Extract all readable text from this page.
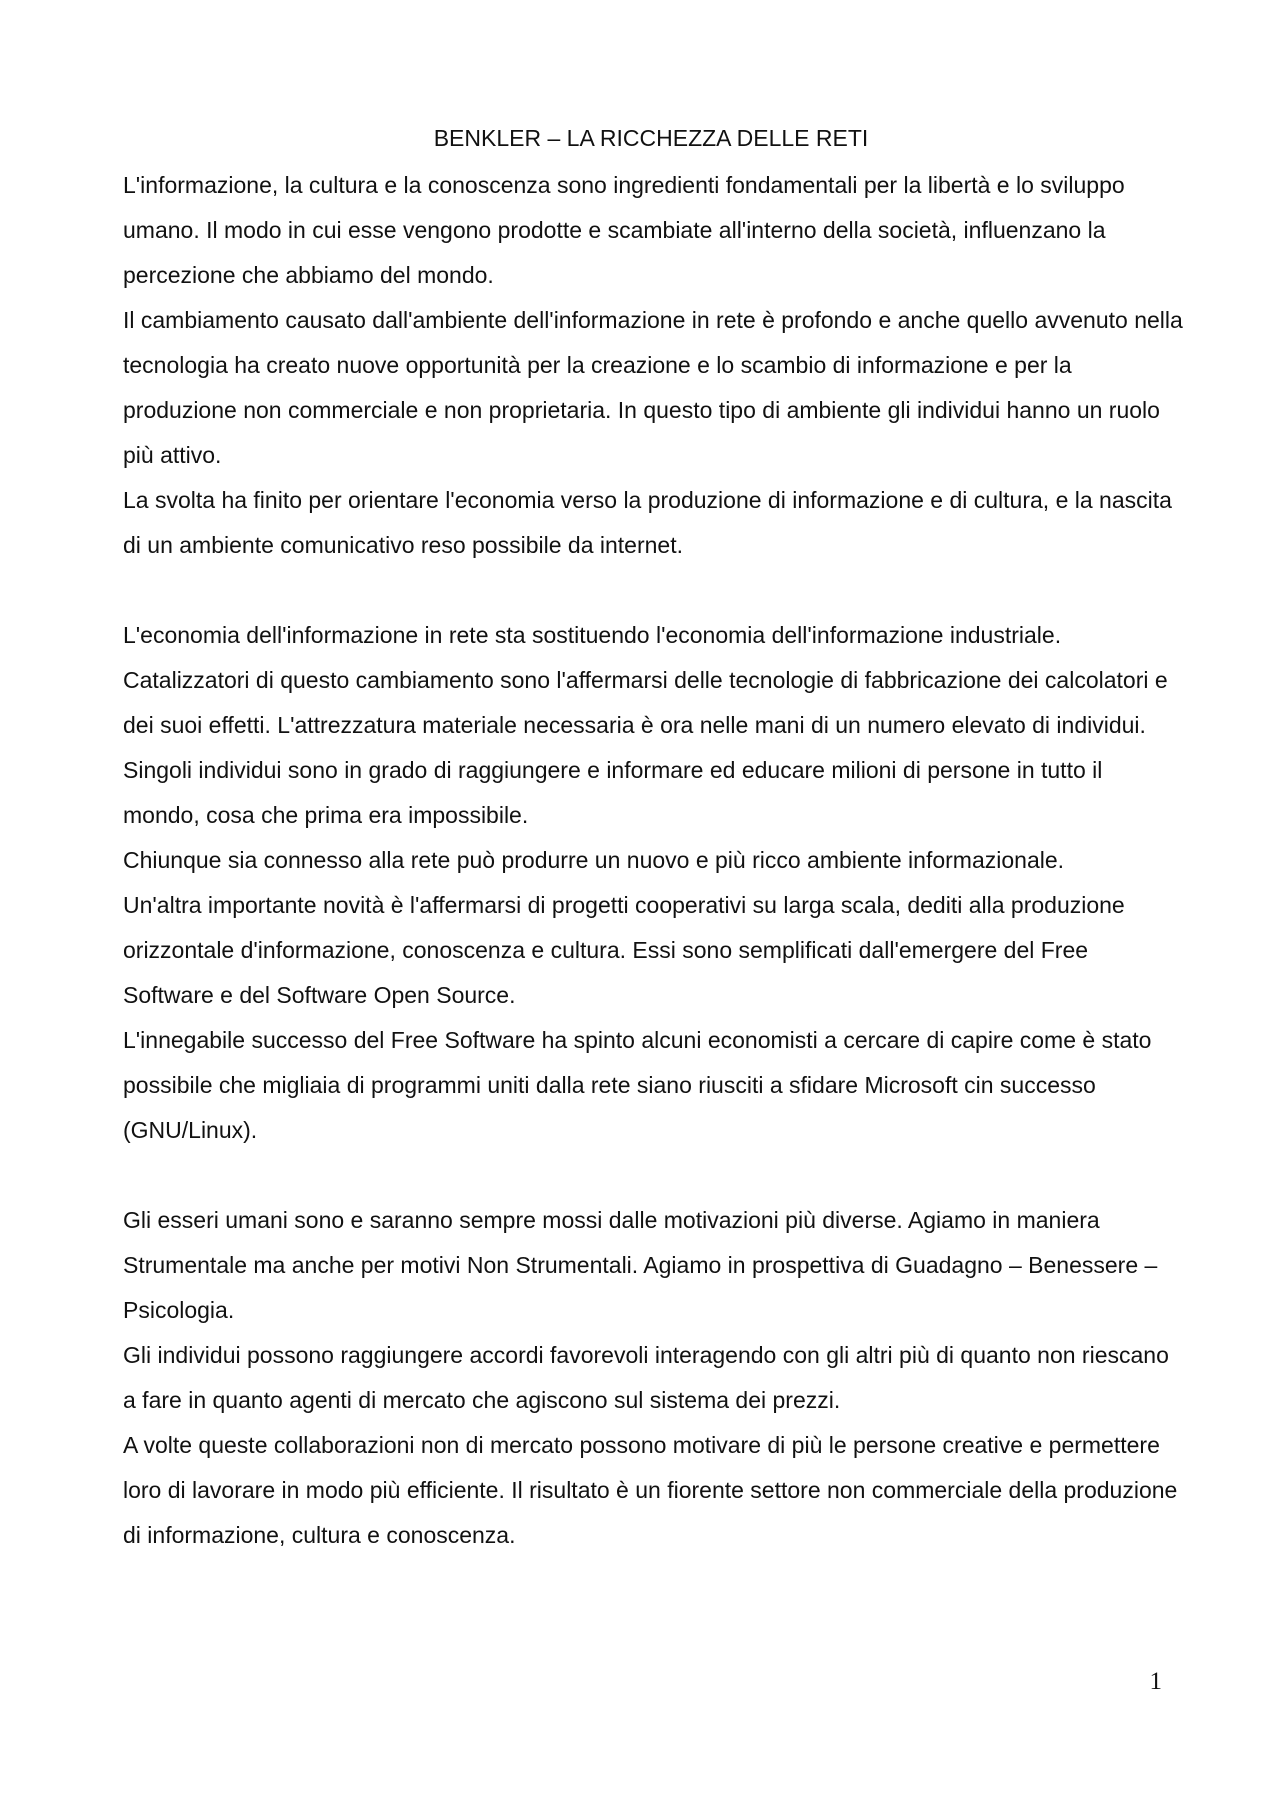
BENKLER – LA RICCHEZZA DELLE RETI

L'informazione, la cultura e la conoscenza sono ingredienti fondamentali per la libertà e lo sviluppo umano. Il modo in cui esse vengono prodotte e scambiate all'interno della società, influenzano la percezione che abbiamo del mondo.

Il cambiamento causato dall'ambiente dell'informazione in rete è profondo e anche quello avvenuto nella tecnologia ha creato nuove opportunità per la creazione e lo scambio di informazione e per la produzione non commerciale e non proprietaria. In questo tipo di ambiente gli individui hanno un ruolo più attivo.

La svolta ha finito per orientare l'economia verso la produzione di informazione e di cultura, e la nascita di un ambiente comunicativo reso possibile da internet.

L'economia dell'informazione in rete sta sostituendo l'economia dell'informazione industriale. Catalizzatori di questo cambiamento sono l'affermarsi delle tecnologie di fabbricazione dei calcolatori e dei suoi effetti. L'attrezzatura materiale necessaria è ora nelle mani di un numero elevato di individui.

Singoli individui sono in grado di raggiungere e informare ed educare milioni di persone in tutto il mondo, cosa che prima era impossibile.

Chiunque sia connesso alla rete può produrre un nuovo e più ricco ambiente informazionale.

Un'altra importante novità è l'affermarsi di progetti cooperativi su larga scala, dediti alla produzione orizzontale d'informazione, conoscenza e cultura. Essi sono semplificati dall'emergere del Free Software e del Software Open Source.

L'innegabile successo del Free Software ha spinto alcuni economisti a cercare di capire come è stato possibile che migliaia di programmi uniti dalla rete siano riusciti a sfidare Microsoft cin successo (GNU/Linux).

Gli esseri umani sono e saranno sempre mossi dalle motivazioni più diverse. Agiamo in maniera Strumentale ma anche per motivi Non Strumentali. Agiamo in prospettiva di Guadagno – Benessere – Psicologia.

Gli individui possono raggiungere accordi favorevoli interagendo con gli altri più di quanto non riescano a fare in quanto agenti di mercato che agiscono sul sistema dei prezzi.

A volte queste collaborazioni non di mercato possono motivare di più le persone creative e permettere loro di lavorare in modo più efficiente. Il risultato è un fiorente settore non commerciale della produzione di informazione, cultura e conoscenza.

1
